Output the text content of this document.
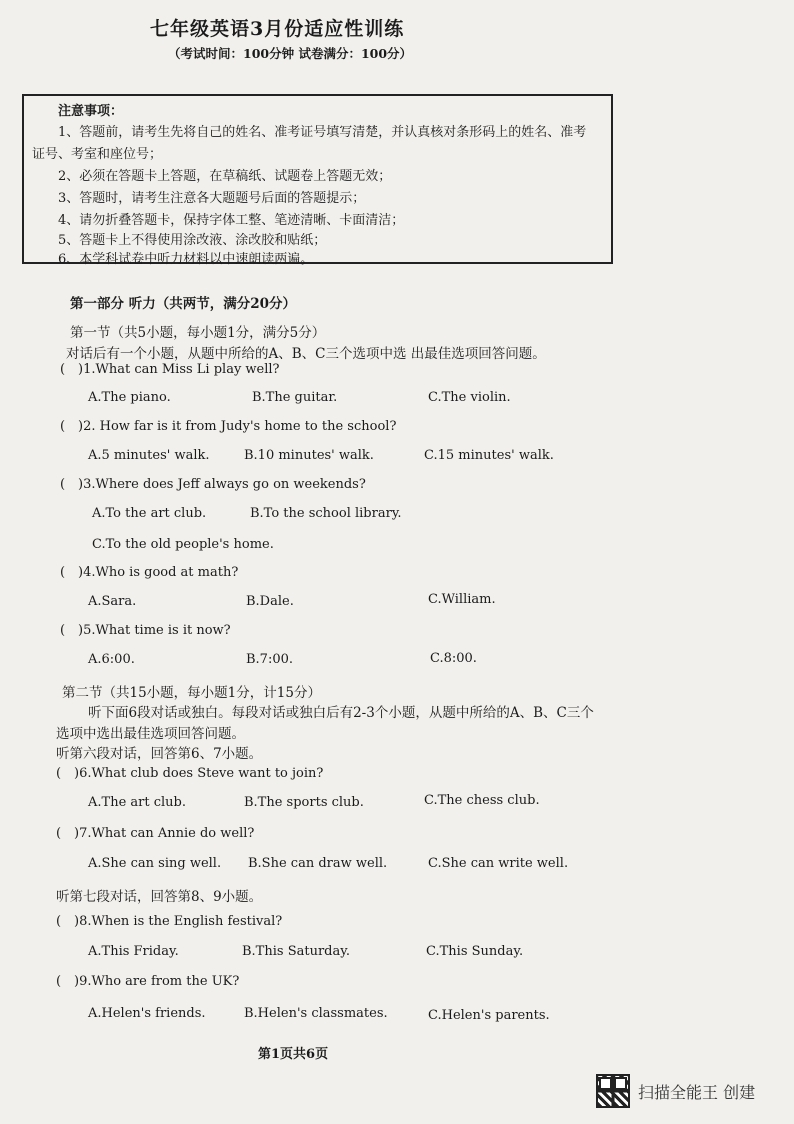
七年级英语3月份适应性训练
（考试时间：100分钟 试卷满分：100分）
注意事项：
1、答题前，请考生先将自己的姓名、准考证号填写清楚，并认真核对条形码上的姓名、准考
证号、考室和座位号；
2、必须在答题卡上答题，在草稿纸、试题卷上答题无效；
3、答题时，请考生注意各大题题号后面的答题提示；
4、请勿折叠答题卡，保持字体工整、笔迹清晰、卡面清洁；
5、答题卡上不得使用涂改液、涂改胶和贴纸；
6、本学科试卷中听力材料以中速朗读两遍。
第一部分 听力（共两节，满分20分）
第一节（共5小题，每小题1分，满分5分）
对话后有一个小题，从题中所给的A、B、C三个选项中选 出最佳选项回答问题。
( )1.What can Miss Li play well?
A.The piano.	B.The guitar.	C.The violin.
( )2. How far is it from Judy's home to the school?
A.5 minutes' walk.	B.10 minutes' walk.	C.15 minutes' walk.
( )3.Where does Jeff always go on weekends?
A.To the art club.	B.To the school library.
C.To the old people's home.
( )4.Who is good at math?
A.Sara.	B.Dale.	C.William.
( )5.What time is it now?
A.6:00.	B.7:00.	C.8:00.
第二节（共15小题，每小题1分，计15分）
听下面6段对话或独白。每段对话或独白后有2-3个小题，从题中所给的A、B、C三个
选项中选出最佳选项回答问题。
听第六段对话，回答第6、7小题。
( )6.What club does Steve want to join?
A.The art club.	B.The sports club.	C.The chess club.
( )7.What can Annie do well?
A.She can sing well. B.She can draw well.	C.She can write well.
听第七段对话，回答第8、9小题。
( )8.When is the English festival?
A.This Friday.	B.This Saturday.	C.This Sunday.
( )9.Who are from the UK?
A.Helen's friends.	B.Helen's classmates.	C.Helen's parents.
第1页共6页
扫描全能王 创建
